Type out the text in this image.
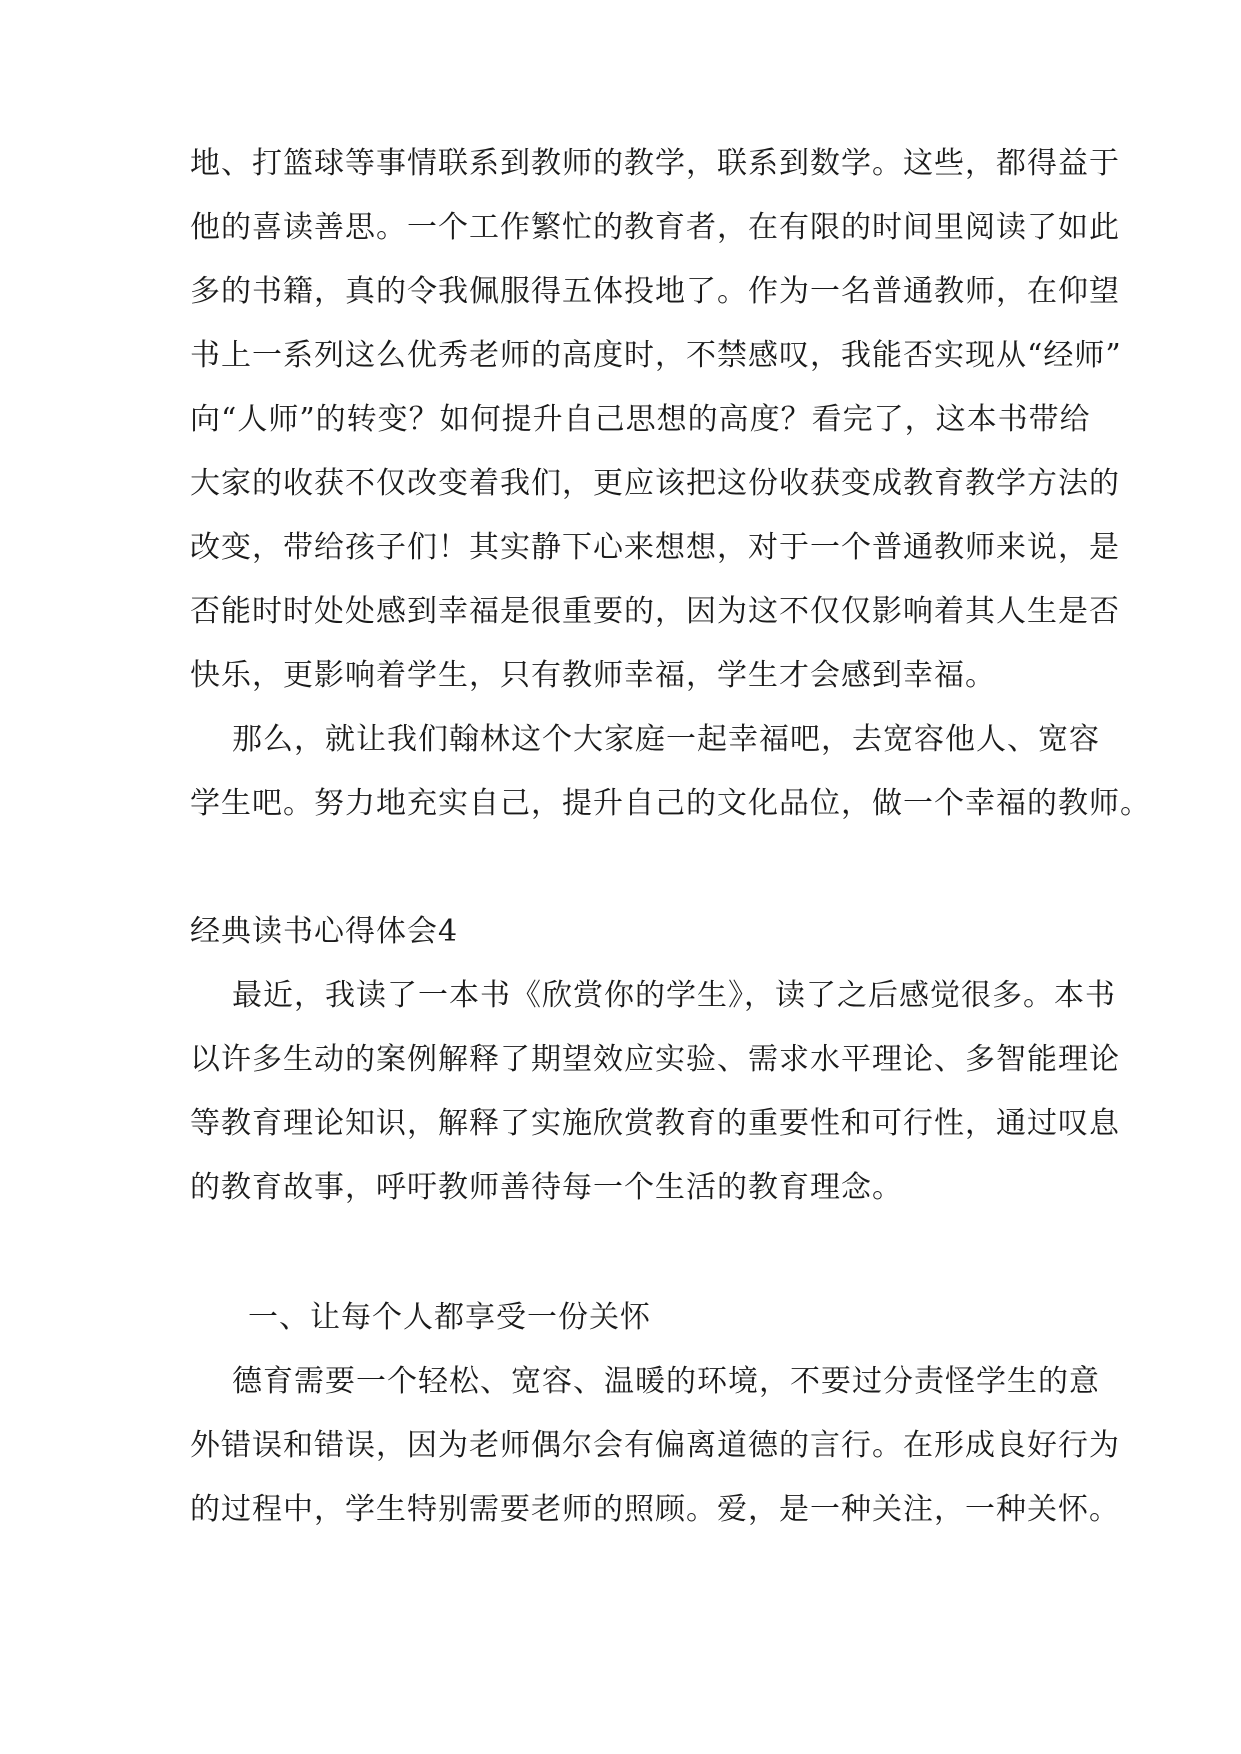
地、打篮球等事情联系到教师的教学，联系到数学。这些，都得益于
他的喜读善思。一个工作繁忙的教育者，在有限的时间里阅读了如此
多的书籍，真的令我佩服得五体投地了。作为一名普通教师，在仰望
书上一系列这么优秀老师的高度时，不禁感叹，我能否实现从“经师”
向“人师”的转变？如何提升自己思想的高度？看完了，这本书带给
大家的收获不仅改变着我们，更应该把这份收获变成教育教学方法的
改变，带给孩子们！其实静下心来想想，对于一个普通教师来说，是
否能时时处处感到幸福是很重要的，因为这不仅仅影响着其人生是否
快乐，更影响着学生，只有教师幸福，学生才会感到幸福。
那么，就让我们翰林这个大家庭一起幸福吧，去宽容他人、宽容
学生吧。努力地充实自己，提升自己的文化品位，做一个幸福的教师。
经典读书心得体会4
最近，我读了一本书《欣赏你的学生》，读了之后感觉很多。本书
以许多生动的案例解释了期望效应实验、需求水平理论、多智能理论
等教育理论知识，解释了实施欣赏教育的重要性和可行性，通过叹息
的教育故事，呼吁教师善待每一个生活的教育理念。
一、让每个人都享受一份关怀
德育需要一个轻松、宽容、温暖的环境，不要过分责怪学生的意
外错误和错误，因为老师偶尔会有偏离道德的言行。在形成良好行为
的过程中，学生特别需要老师的照顾。爱，是一种关注，一种关怀。
